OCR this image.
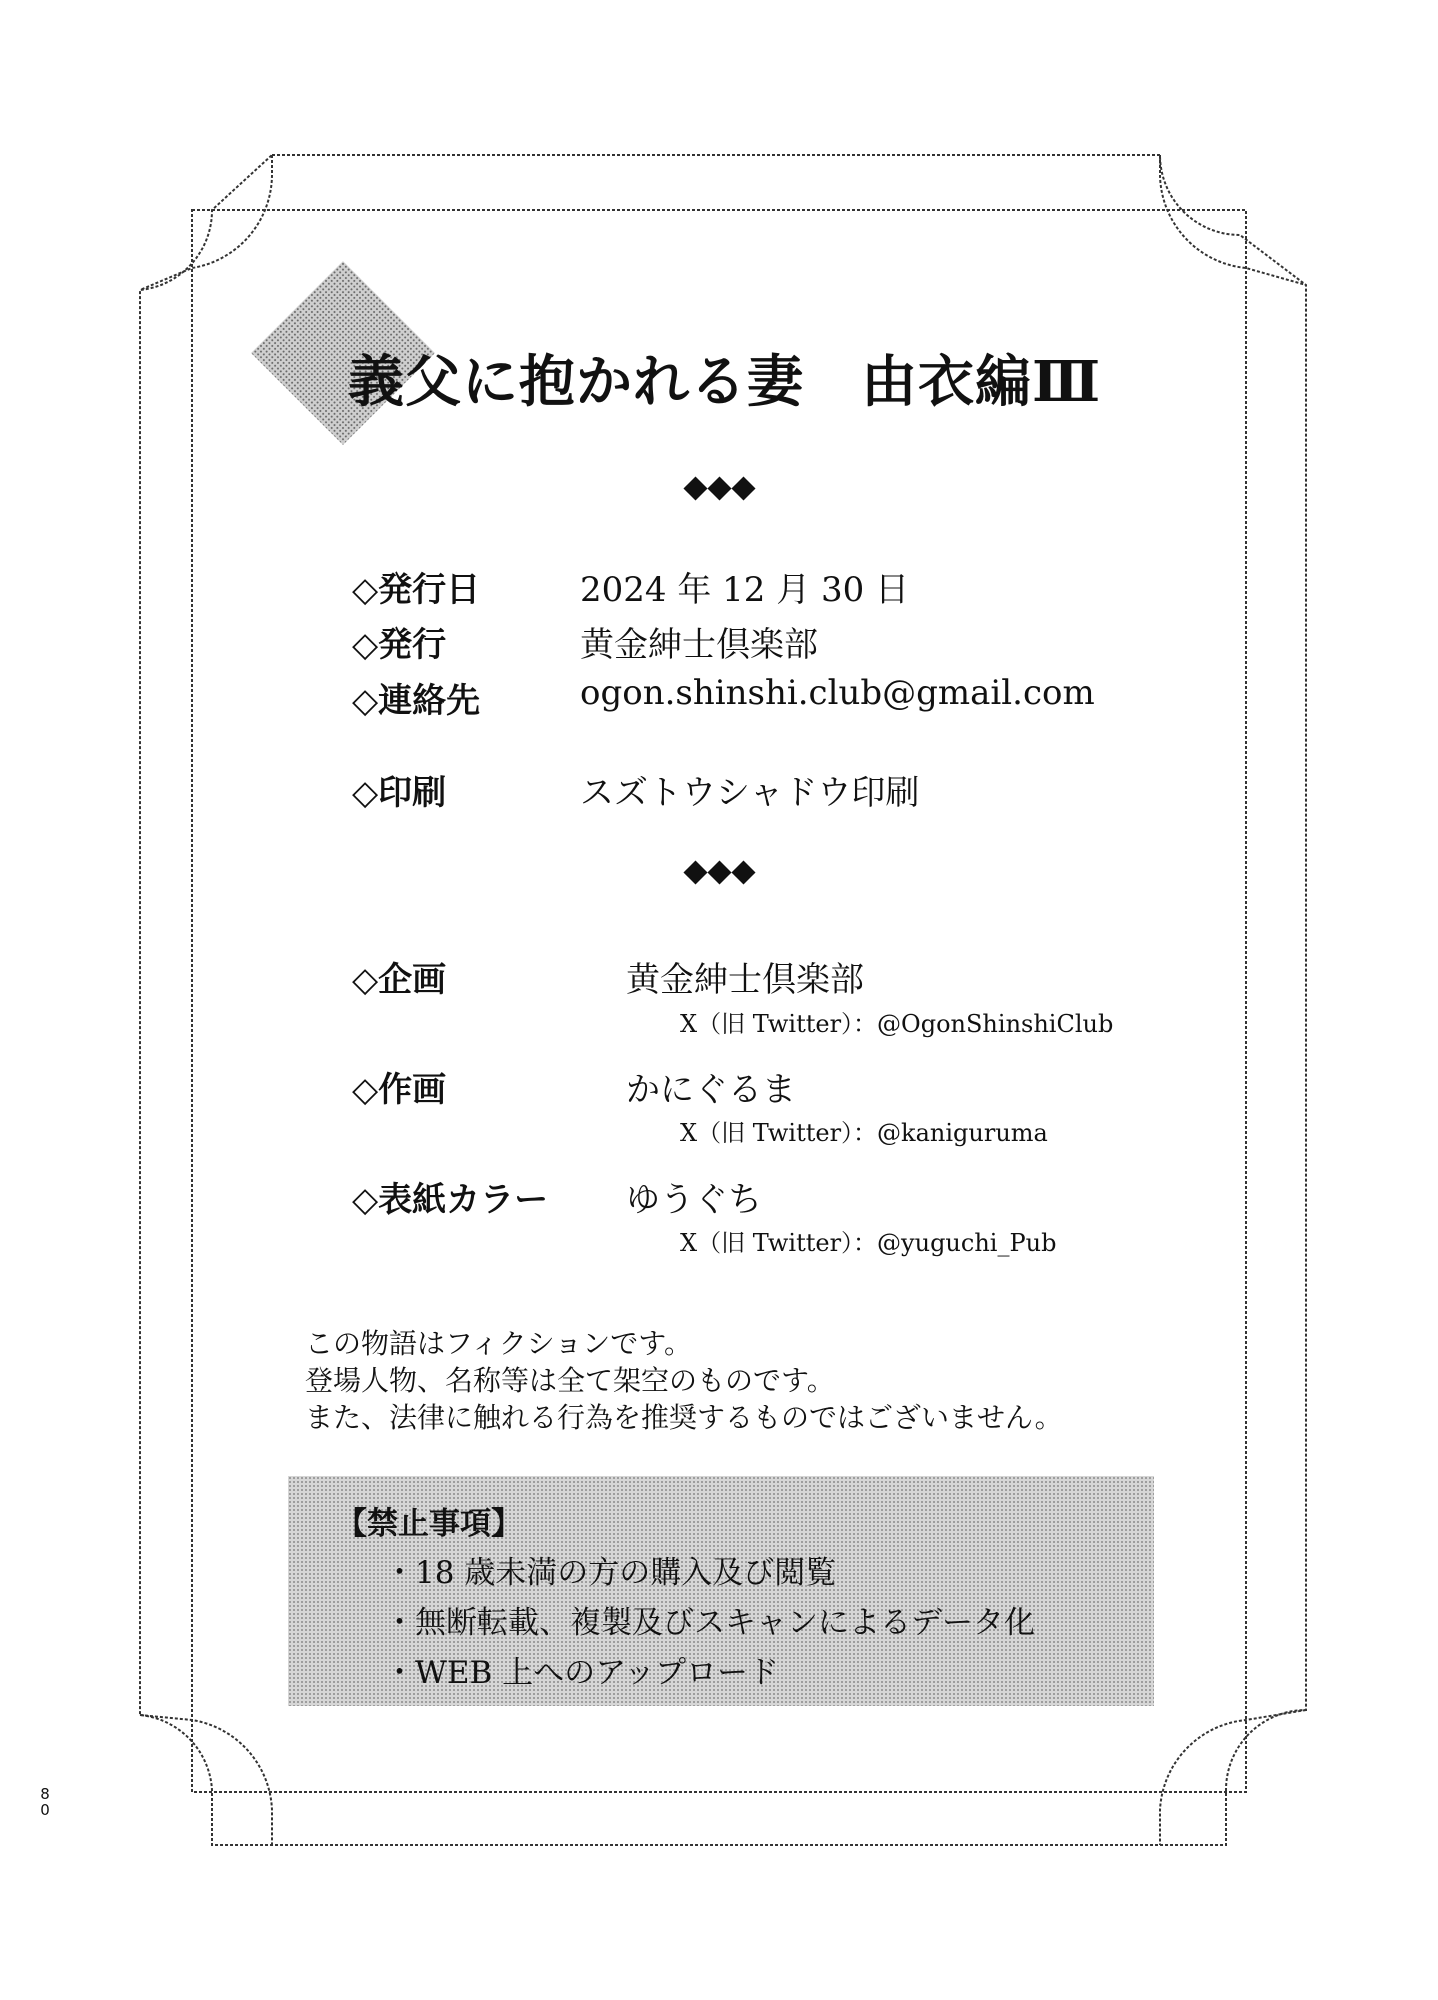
義父に抱かれる妻　由衣編Ⅲ
◇発行日	2024 年 12 月 30 日
◇発行	黄金紳士倶楽部
◇連絡先	ogon.shinshi.club@gmail.com
◇印刷	スズトウシャドウ印刷
◇企画	黄金紳士倶楽部
X（旧 Twitter）：@OgonShinshiClub
◇作画	かにぐるま
X（旧 Twitter）：@kaniguruma
◇表紙カラー ゆうぐち
X（旧 Twitter）：@yuguchi_Pub
この物語はフィクションです。
登場人物、名称等は全て架空のものです。
また、法律に触れる行為を推奨するものではございません。
【禁止事項】
・18 歳未満の方の購入及び閲覧
・無断転載、複製及びスキャンによるデータ化
・WEB 上へのアップロード
8
0
